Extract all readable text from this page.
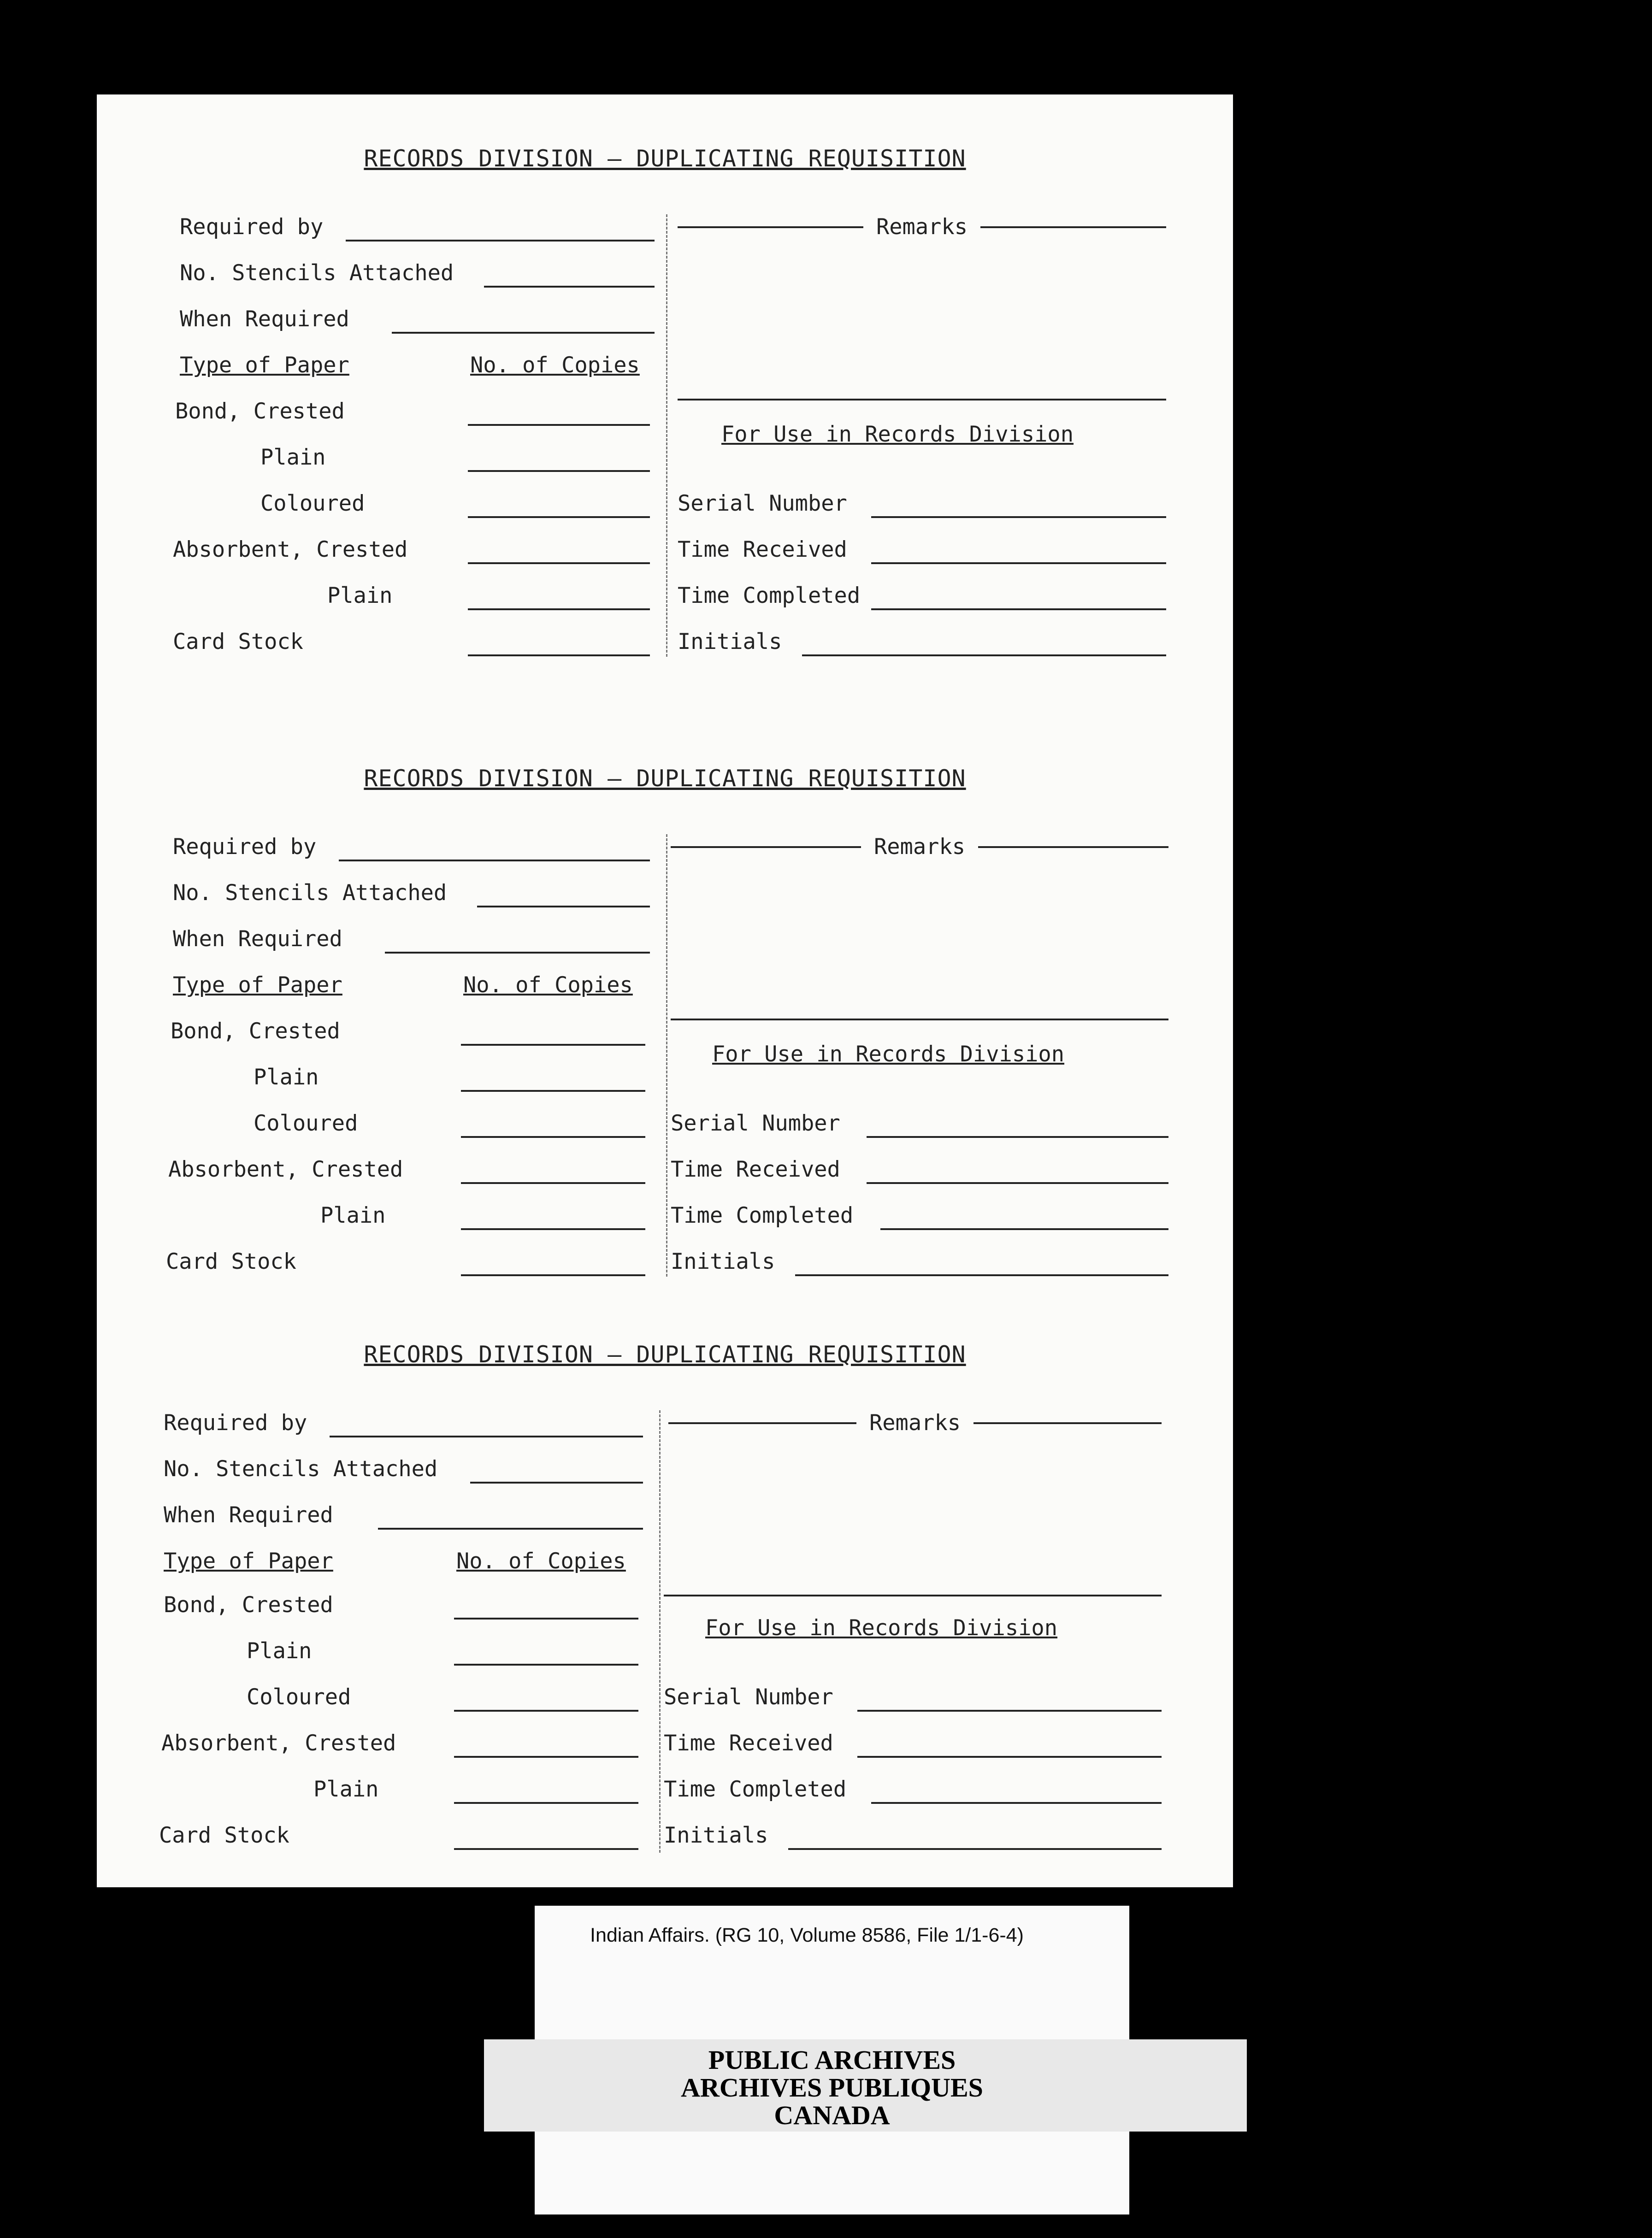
RECORDS DIVISION — DUPLICATING REQUISITION
Required by
No. Stencils Attached
When Required
Type of Paper	No. of Copies
Bond, Crested
Plain
Coloured
Absorbent, Crested
Plain
Card Stock
Remarks
For Use in Records Division
Serial Number
Time Received
Time Completed
Initials
RECORDS DIVISION — DUPLICATING REQUISITION
Required by
No. Stencils Attached
When Required
Type of Paper	No. of Copies
Bond, Crested
Plain
Coloured
Absorbent, Crested
Plain
Card Stock
Remarks
For Use in Records Division
Serial Number
Time Received
Time Completed
Initials
RECORDS DIVISION — DUPLICATING REQUISITION
Required by
No. Stencils Attached
When Required
Type of Paper	No. of Copies
Bond, Crested
Plain
Coloured
Absorbent, Crested
Plain
Card Stock
Remarks
For Use in Records Division
Serial Number
Time Received
Time Completed
Initials
Indian Affairs. (RG 10, Volume 8586, File 1/1-6-4)
PUBLIC ARCHIVES
ARCHIVES PUBLIQUES
CANADA
